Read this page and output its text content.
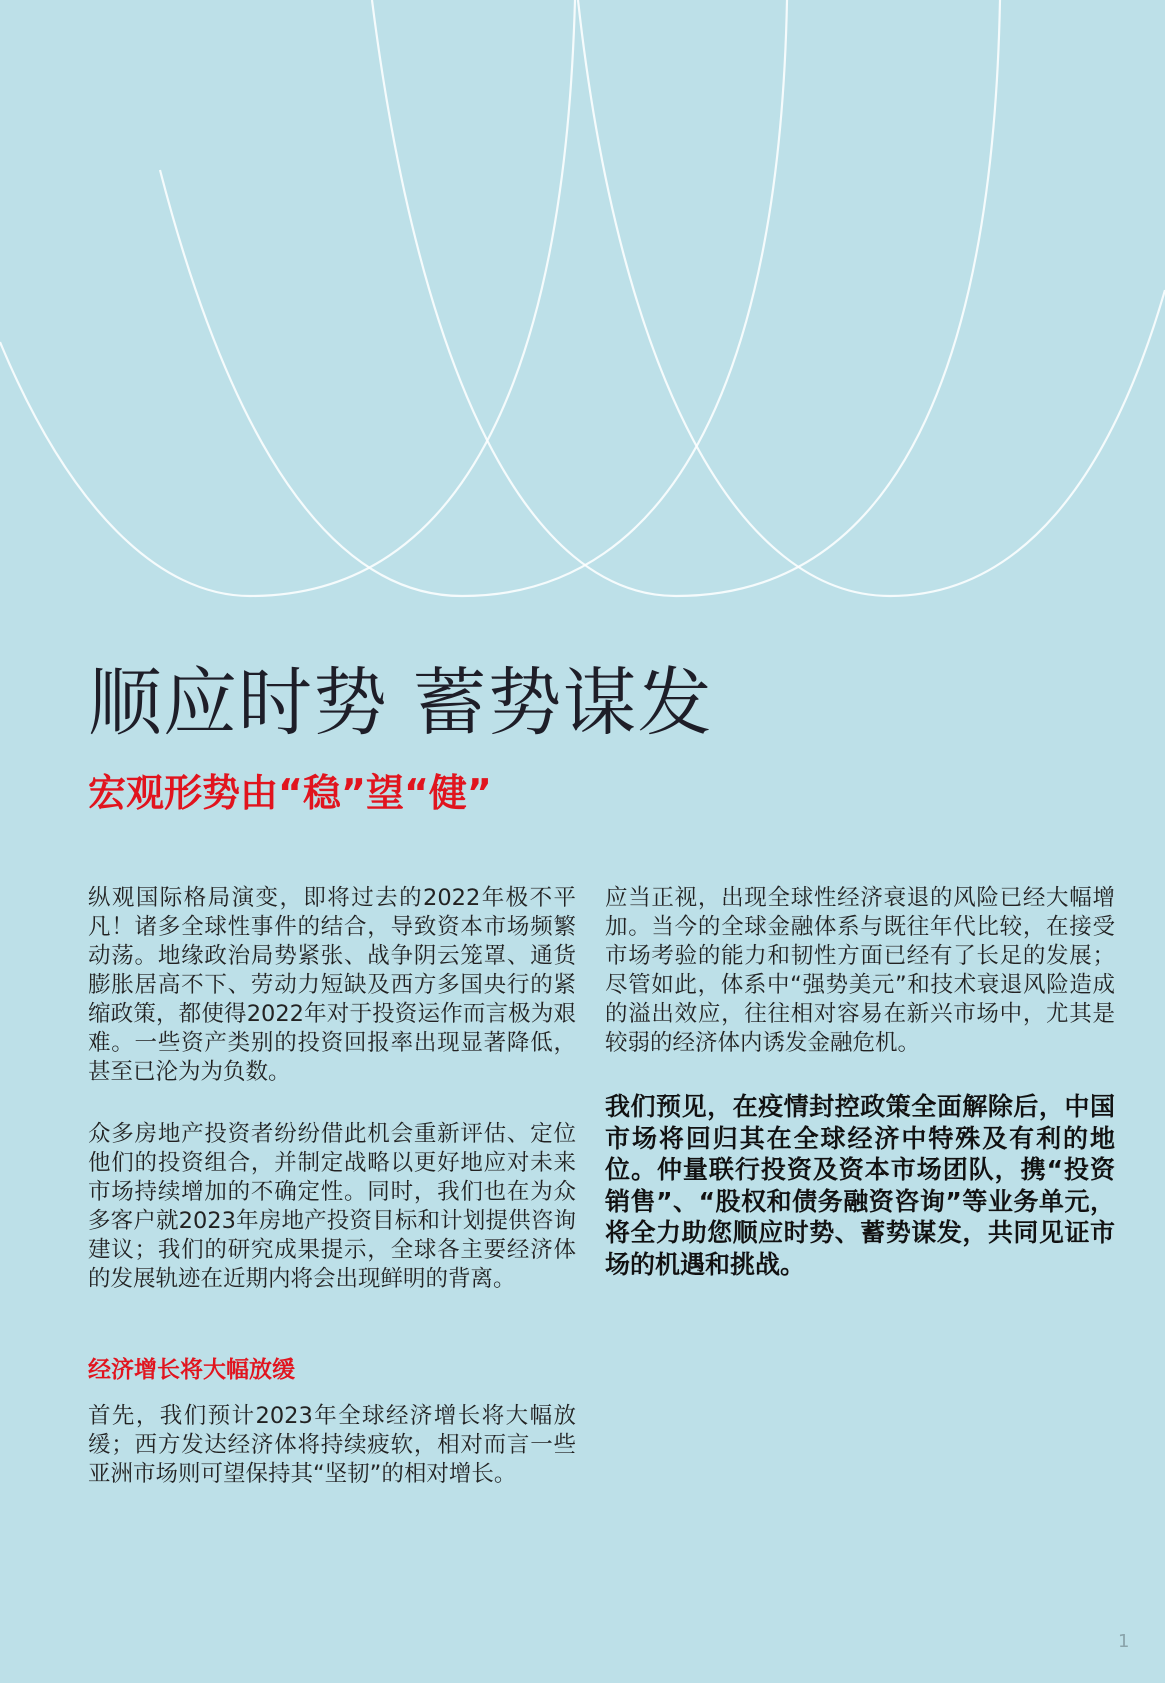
顺应时势 蓄势谋发
宏观形势由“稳”望“健”

纵观国际格局演变，即将过去的2022年极不平凡！诸多全球性事件的结合，导致资本市场频繁动荡。地缘政治局势紧张、战争阴云笼罩、通货膨胀居高不下、劳动力短缺及西方多国央行的紧缩政策，都使得2022年对于投资运作而言极为艰难。一些资产类别的投资回报率出现显著降低，甚至已沦为为负数。

众多房地产投资者纷纷借此机会重新评估、定位他们的投资组合，并制定战略以更好地应对未来市场持续增加的不确定性。同时，我们也在为众多客户就2023年房地产投资目标和计划提供咨询建议；我们的研究成果提示，全球各主要经济体的发展轨迹在近期内将会出现鲜明的背离。

经济增长将大幅放缓

首先，我们预计2023年全球经济增长将大幅放缓；西方发达经济体将持续疲软，相对而言一些亚洲市场则可望保持其“坚韧”的相对增长。

应当正视，出现全球性经济衰退的风险已经大幅增加。当今的全球金融体系与既往年代比较，在接受市场考验的能力和韧性方面已经有了长足的发展；尽管如此，体系中“强势美元”和技术衰退风险造成的溢出效应，往往相对容易在新兴市场中，尤其是较弱的经济体内诱发金融危机。

我们预见，在疫情封控政策全面解除后，中国市场将回归其在全球经济中特殊及有利的地位。仲量联行投资及资本市场团队，携“投资销售”、“股权和债务融资咨询”等业务单元，将全力助您顺应时势、蓄势谋发，共同见证市场的机遇和挑战。

1
